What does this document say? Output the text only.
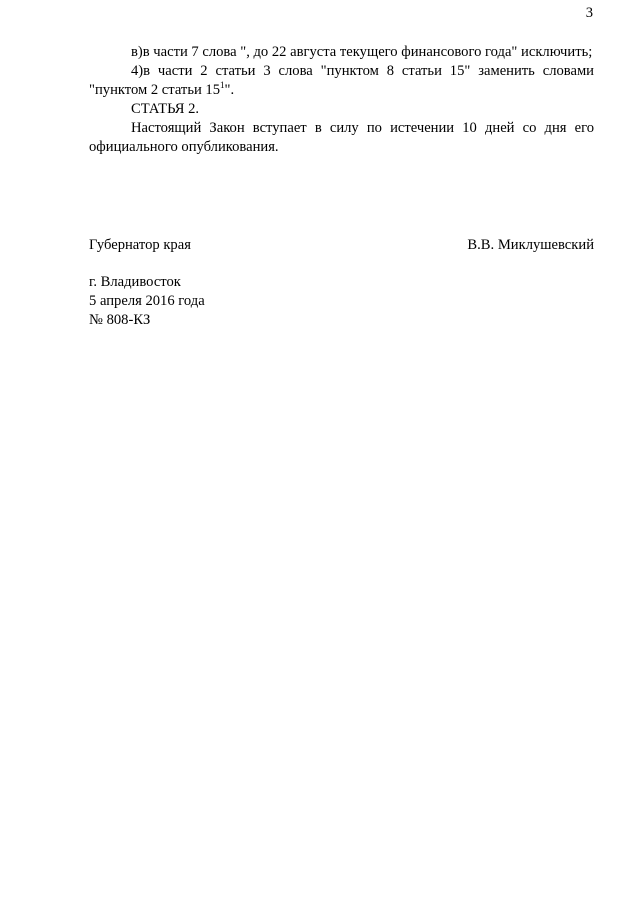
3

в)в части 7 слова ", до 22 августа текущего финансового года" исключить;

4)в части 2 статьи 3 слова "пунктом 8 статьи 15" заменить словами "пунктом 2 статьи 15$^1$".

СТАТЬЯ 2.

Настоящий Закон вступает в силу по истечении 10 дней со дня его официального опубликования.

Губернатор края	В.В. Миклушевский

г. Владивосток

5 апреля 2016 года

№ 808-КЗ
